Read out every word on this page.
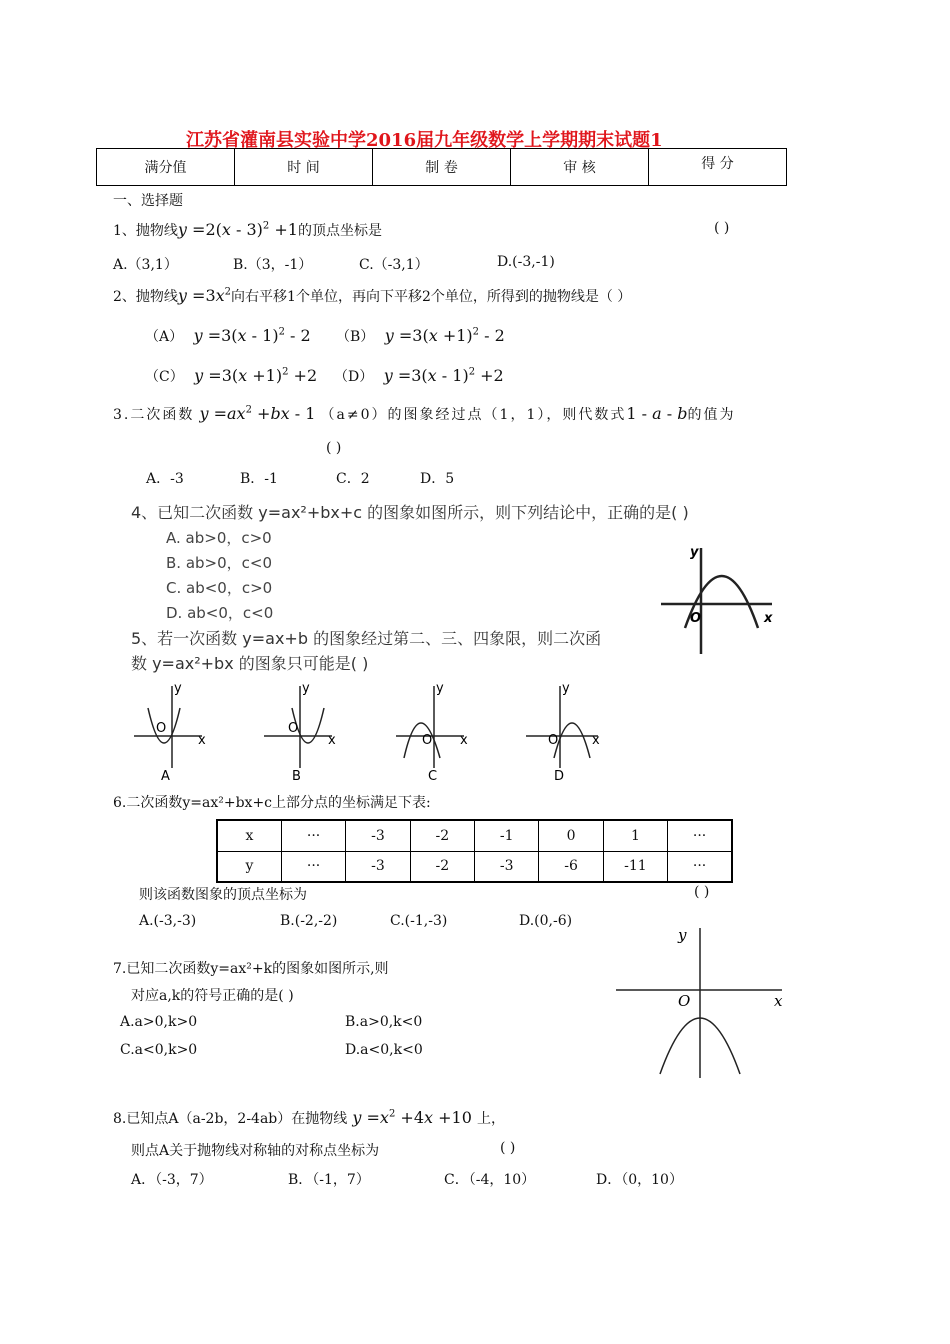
江苏省灌南县实验中学2016届九年级数学上学期期末试题1
满分值	时 间	制 卷	审 核	得 分
一、选择题
1、抛物线y =2(x - 3)$^2$ +1的顶点坐标是	( )
A.（3,1）	B.（3，-1）	C.（-3,1）	D.(-3,-1)
2、抛物线$y =3x^2$向右平移1个单位，再向下平移2个单位，所得到的抛物线是（ ）
（A） y =3(x - 1)$^2$ - 2 （B） $y =3(x +1)^2 - 2$
（C） $y =3(x +1)^2 +2$ （D） y =3(x - 1)$^2$ +2
3.二次函数 $y =ax^2 +bx - 1$ （a≠0）的图象经过点（1，1），则代数式1 - a - b的值为
( )
A．-3	B．-1	C．2	D．5
4、已知二次函数 y=ax²+bx+c 的图象如图所示，则下列结论中，正确的是( )
A. ab>0，c>0
B. ab>0，c<0
C. ab<0，c>0
D. ab<0，c<0
y
x
O
5、若一次函数 y=ax+b 的图象经过第二、三、四象限，则二次函
数 y=ax²+bx 的图象只可能是( )
y
x
O
A
y
x
O
B
y
x
O
C
y
x
O
D
6.二次函数y=ax²+bx+c上部分点的坐标满足下表:
x	···	-3	-2	-1	0	1	···
y	···	-3	-2	-3	-6	-11	···
则该函数图象的顶点坐标为	( )
A.(-3,-3)	B.(-2,-2)	C.(-1,-3)	D.(0,-6)
7.已知二次函数y=ax²+k的图象如图所示,则
对应a,k的符号正确的是( )
A.a>0,k>0	B.a>0,k<0
C.a<0,k>0	D.a<0,k<0
y
x
O
8.已知点A（a-2b，2-4ab）在抛物线 $y =x^2 +4x +10$ 上，
则点A关于抛物线对称轴的对称点坐标为	( )
A．（-3，7）	B．（-1，7）	C．（-4，10）	D．（0，10）
